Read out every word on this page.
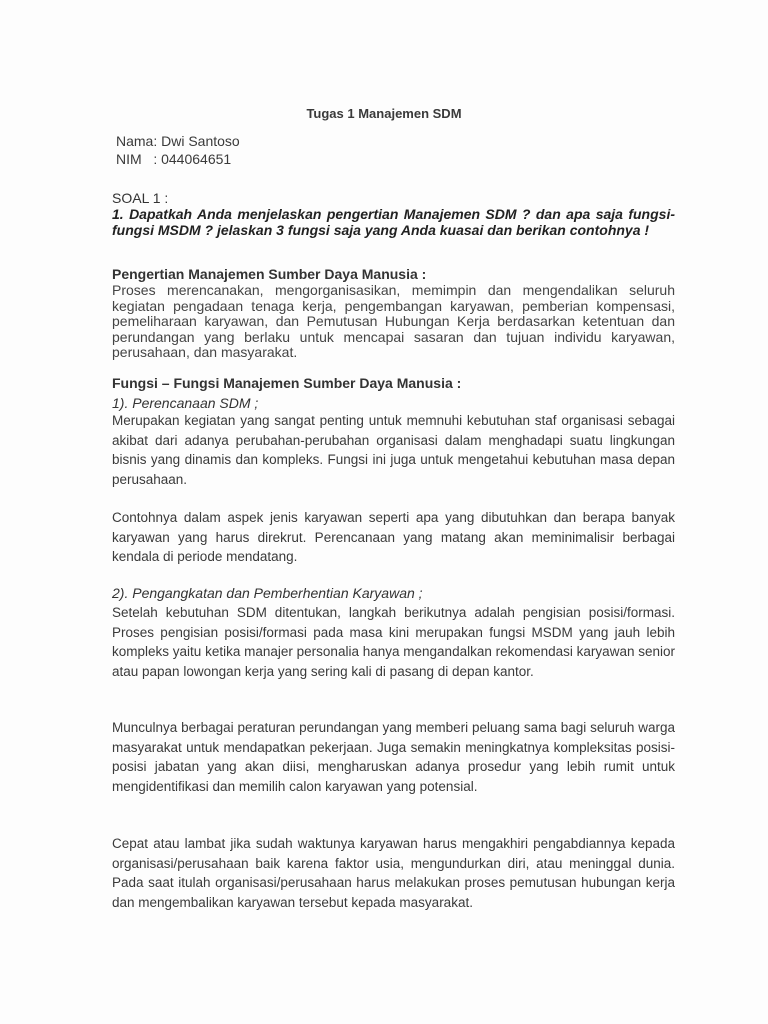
Tugas 1 Manajemen SDM

Nama: Dwi Santoso

NIM   : 044064651

SOAL 1 :

1. Dapatkah Anda menjelaskan pengertian Manajemen SDM ? dan apa saja fungsi-fungsi MSDM ? jelaskan 3 fungsi saja yang Anda kuasai dan berikan contohnya !

Pengertian Manajemen Sumber Daya Manusia :

Proses merencanakan, mengorganisasikan, memimpin dan mengendalikan seluruh kegiatan pengadaan tenaga kerja, pengembangan karyawan, pemberian kompensasi, pemeliharaan karyawan, dan Pemutusan Hubungan Kerja berdasarkan ketentuan dan perundangan yang berlaku untuk mencapai sasaran dan tujuan individu karyawan, perusahaan, dan masyarakat.

Fungsi – Fungsi Manajemen Sumber Daya Manusia :

1). Perencanaan SDM ;

Merupakan kegiatan yang sangat penting untuk memnuhi kebutuhan staf organisasi sebagai akibat dari adanya perubahan-perubahan organisasi dalam menghadapi suatu lingkungan bisnis yang dinamis dan kompleks. Fungsi ini juga untuk mengetahui kebutuhan masa depan perusahaan.

Contohnya dalam aspek jenis karyawan seperti apa yang dibutuhkan dan berapa banyak karyawan yang harus direkrut. Perencanaan yang matang akan meminimalisir berbagai kendala di periode mendatang.

2). Pengangkatan dan Pemberhentian Karyawan ;

Setelah kebutuhan SDM ditentukan, langkah berikutnya adalah pengisian posisi/formasi. Proses pengisian posisi/formasi pada masa kini merupakan fungsi MSDM yang jauh lebih kompleks yaitu ketika manajer personalia hanya mengandalkan rekomendasi karyawan senior atau papan lowongan kerja yang sering kali di pasang di depan kantor.

Munculnya berbagai peraturan perundangan yang memberi peluang sama bagi seluruh warga masyarakat untuk mendapatkan pekerjaan. Juga semakin meningkatnya kompleksitas posisi-posisi jabatan yang akan diisi, mengharuskan adanya prosedur yang lebih rumit untuk mengidentifikasi dan memilih calon karyawan yang potensial.

Cepat atau lambat jika sudah waktunya karyawan harus mengakhiri pengabdiannya kepada organisasi/perusahaan baik karena faktor usia, mengundurkan diri, atau meninggal dunia. Pada saat itulah organisasi/perusahaan harus melakukan proses pemutusan hubungan kerja dan mengembalikan karyawan tersebut kepada masyarakat.
